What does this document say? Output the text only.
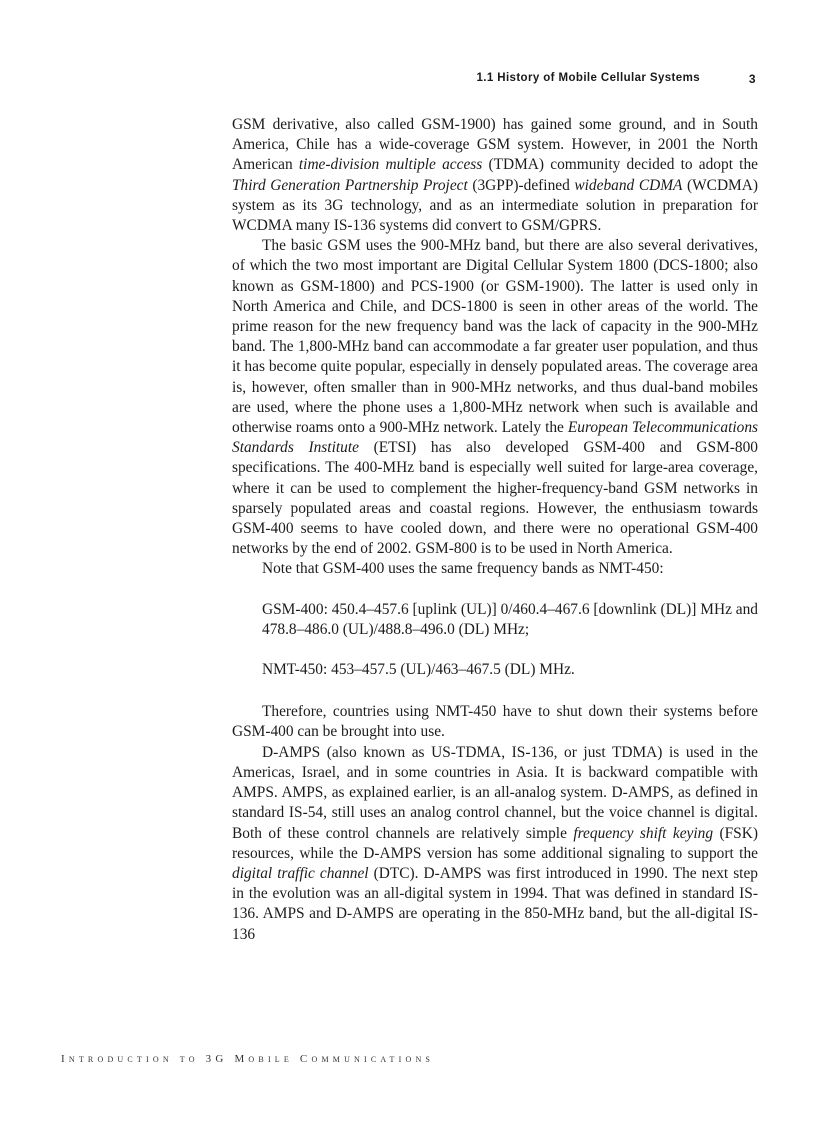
1.1 History of Mobile Cellular Systems	3

GSM derivative, also called GSM-1900) has gained some ground, and in South America, Chile has a wide-coverage GSM system. However, in 2001 the North American time-division multiple access (TDMA) community decided to adopt the Third Generation Partnership Project (3GPP)-defined wideband CDMA (WCDMA) system as its 3G technology, and as an intermediate solution in preparation for WCDMA many IS-136 systems did convert to GSM/GPRS.

The basic GSM uses the 900-MHz band, but there are also several derivatives, of which the two most important are Digital Cellular System 1800 (DCS-1800; also known as GSM-1800) and PCS-1900 (or GSM-1900). The latter is used only in North America and Chile, and DCS-1800 is seen in other areas of the world. The prime reason for the new frequency band was the lack of capacity in the 900-MHz band. The 1,800-MHz band can accommodate a far greater user population, and thus it has become quite popular, especially in densely populated areas. The coverage area is, however, often smaller than in 900-MHz networks, and thus dual-band mobiles are used, where the phone uses a 1,800-MHz network when such is available and otherwise roams onto a 900-MHz network. Lately the European Telecommunications Standards Institute (ETSI) has also developed GSM-400 and GSM-800 specifications. The 400-MHz band is especially well suited for large-area coverage, where it can be used to complement the higher-frequency-band GSM networks in sparsely populated areas and coastal regions. However, the enthusiasm towards GSM-400 seems to have cooled down, and there were no operational GSM-400 networks by the end of 2002. GSM-800 is to be used in North America.

Note that GSM-400 uses the same frequency bands as NMT-450:

GSM-400: 450.4–457.6 [uplink (UL)] 0/460.4–467.6 [downlink (DL)] MHz and 478.8–486.0 (UL)/488.8–496.0 (DL) MHz;

NMT-450: 453–457.5 (UL)/463–467.5 (DL) MHz.

Therefore, countries using NMT-450 have to shut down their systems before GSM-400 can be brought into use.

D-AMPS (also known as US-TDMA, IS-136, or just TDMA) is used in the Americas, Israel, and in some countries in Asia. It is backward compatible with AMPS. AMPS, as explained earlier, is an all-analog system. D-AMPS, as defined in standard IS-54, still uses an analog control channel, but the voice channel is digital. Both of these control channels are relatively simple frequency shift keying (FSK) resources, while the D-AMPS version has some additional signaling to support the digital traffic channel (DTC). D-AMPS was first introduced in 1990. The next step in the evolution was an all-digital system in 1994. That was defined in standard IS-136. AMPS and D-AMPS are operating in the 850-MHz band, but the all-digital IS-136

Introduction to 3G Mobile Communications
